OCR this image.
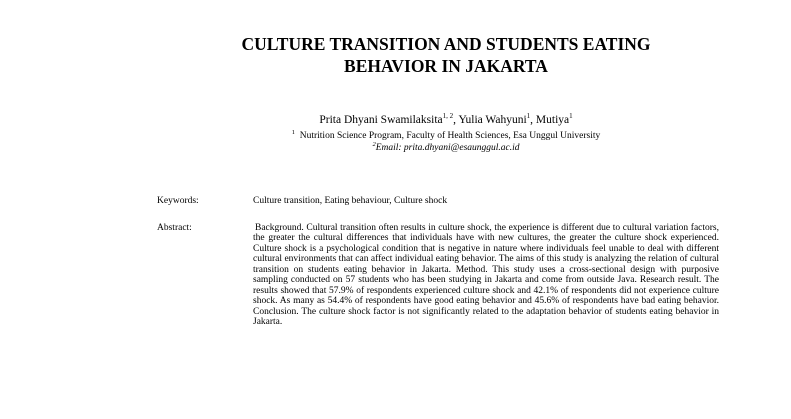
CULTURE TRANSITION AND STUDENTS EATING
BEHAVIOR IN JAKARTA
Prita Dhyani Swamilaksita$^{1, 2}$, Yulia Wahyuni$^1$, Mutiya$^1$
$^1$ Nutrition Science Program, Faculty of Health Sciences, Esa Unggul University
$^2$Email: prita.dhyani@esaunggul.ac.id
Keywords:	Culture transition, Eating behaviour, Culture shock
Abstract:	Background. Cultural transition often results in culture shock, the experience is different due to cultural variation factors, the greater the cultural differences that individuals have with new cultures, the greater the culture shock experienced. Culture shock is a psychological condition that is negative in nature where individuals feel unable to deal with different cultural environments that can affect individual eating behavior. The aims of this study is analyzing the relation of cultural transition on students eating behavior in Jakarta. Method. This study uses a cross-sectional design with purposive sampling conducted on 57 students who has been studying in Jakarta and come from outside Java. Research result. The results showed that 57.9% of respondents experienced culture shock and 42.1% of respondents did not experience culture shock. As many as 54.4% of respondents have good eating behavior and 45.6% of respondents have bad eating behavior. Conclusion. The culture shock factor is not significantly related to the adaptation behavior of students eating behavior in Jakarta.
